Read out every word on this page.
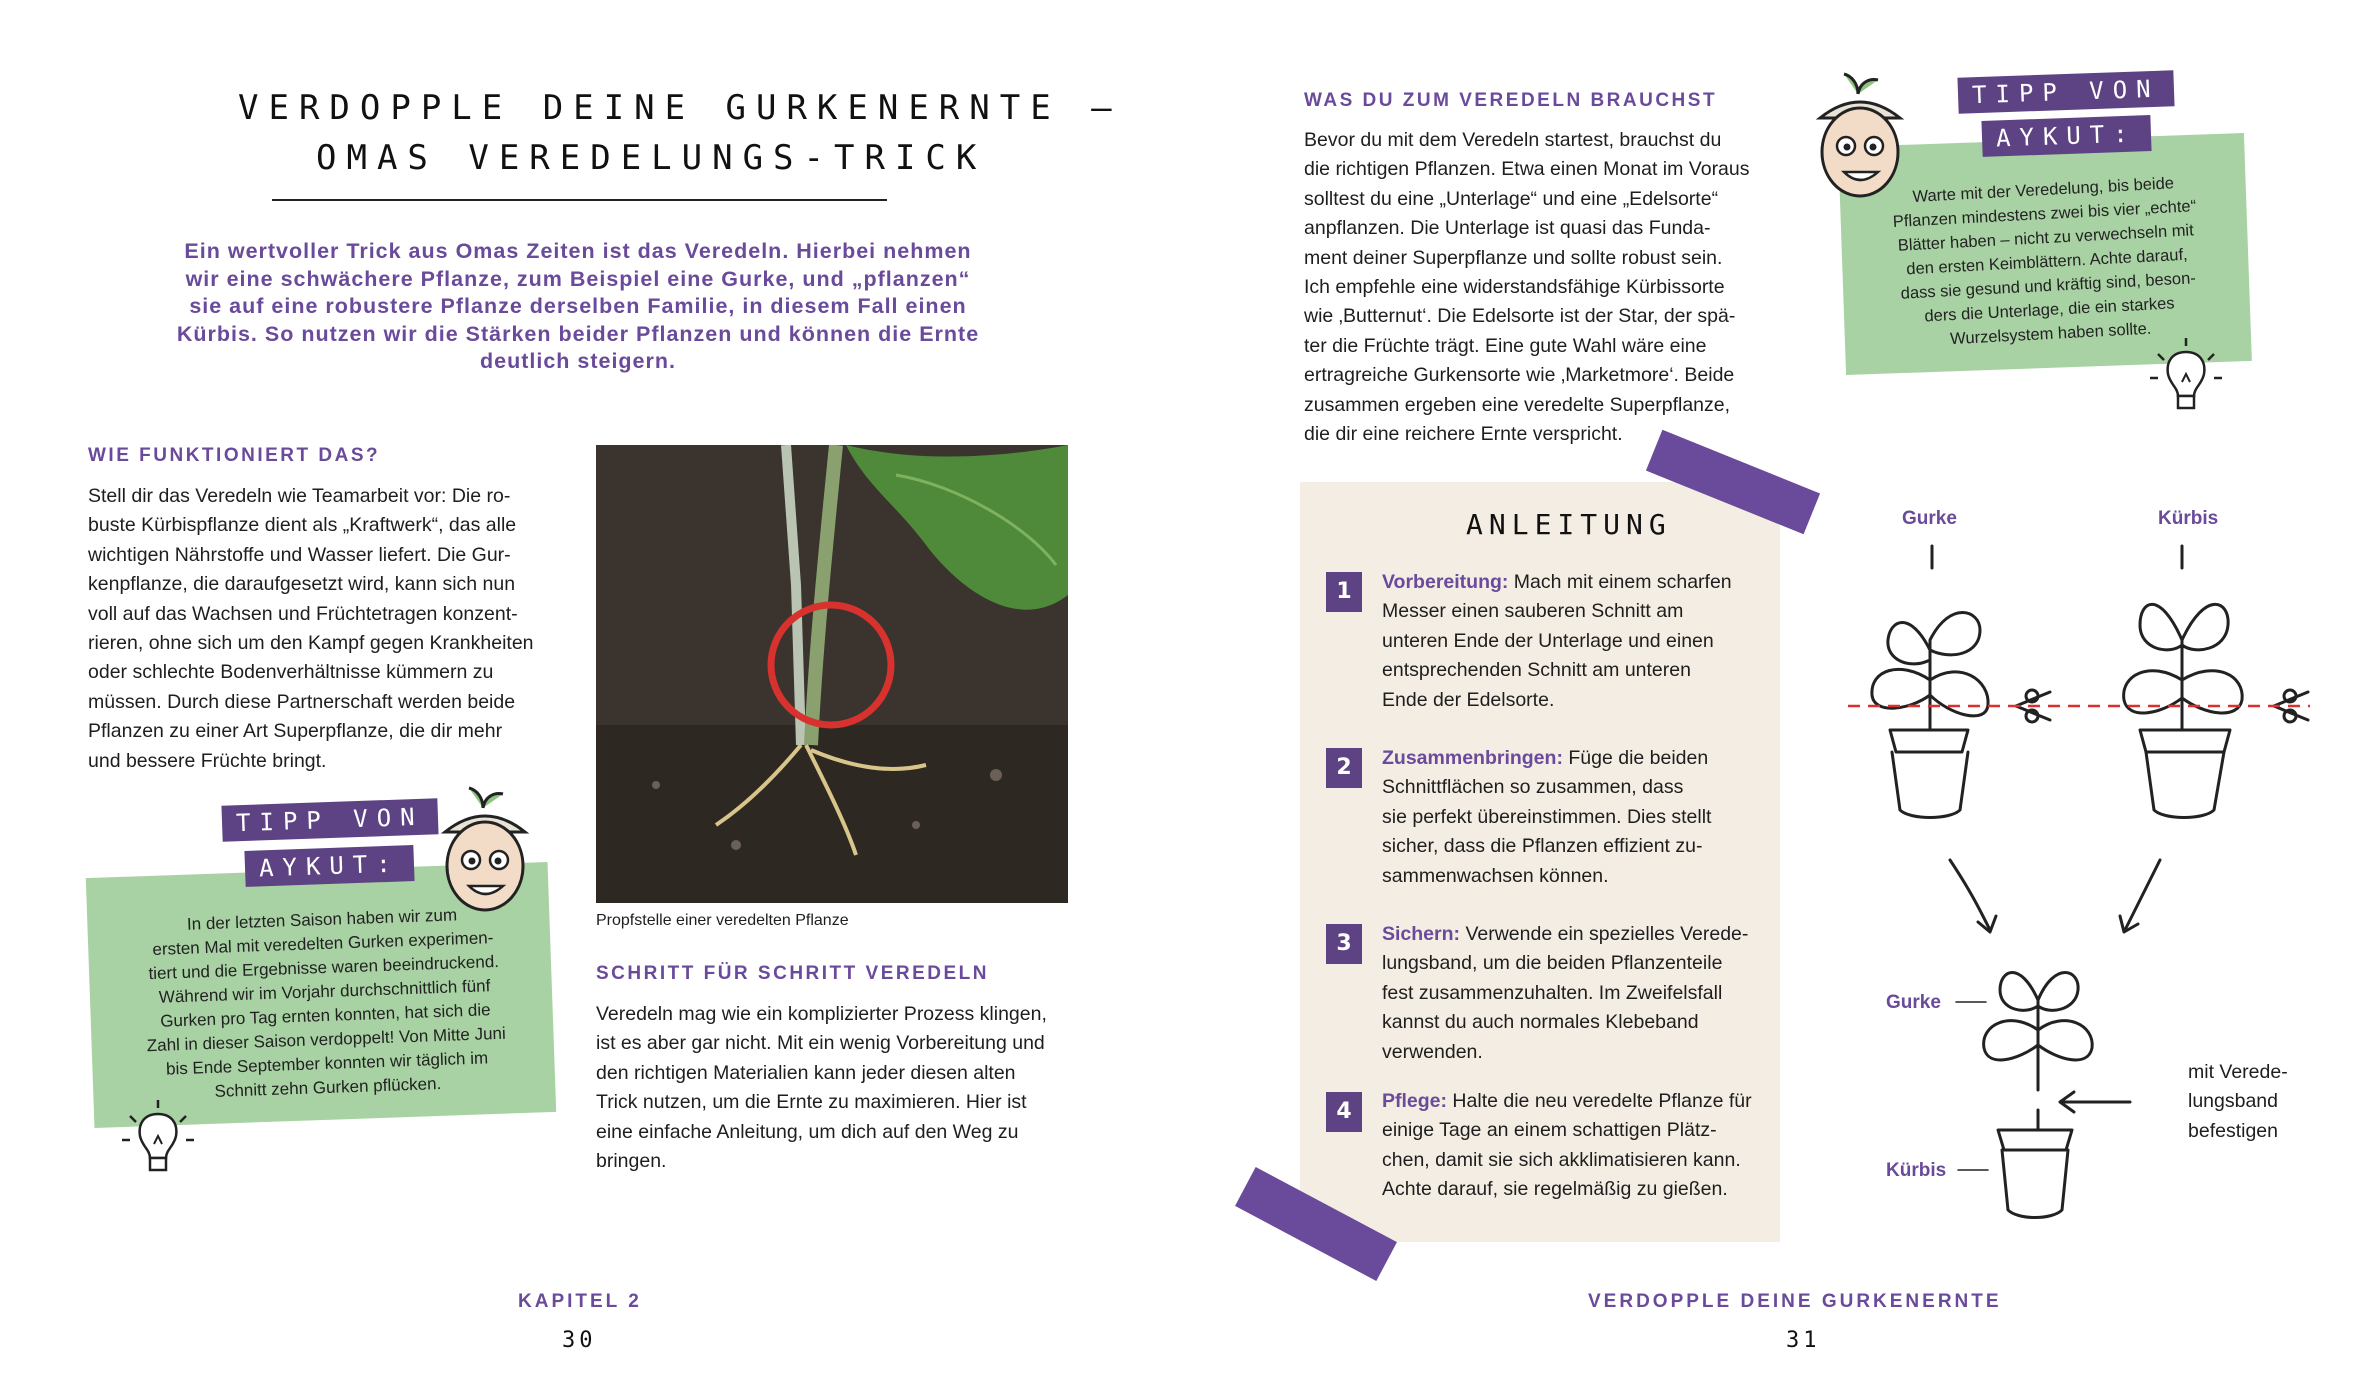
VERDOPPLE DEINE GURKENERNTE –
OMAS VEREDELUNGS-TRICK
Ein wertvoller Trick aus Omas Zeiten ist das Veredeln. Hierbei nehmen wir eine schwächere Pflanze, zum Beispiel eine Gurke, und „pflanzen“ sie auf eine robustere Pflanze derselben Familie, in diesem Fall einen Kürbis. So nutzen wir die Stärken beider Pflanzen und können die Ernte deutlich steigern.
WIE FUNKTIONIERT DAS?

Stell dir das Veredeln wie Teamarbeit vor: Die ro-

buste Kürbispflanze dient als „Kraftwerk“, das alle

wichtigen Nährstoffe und Wasser liefert. Die Gur-

kenpflanze, die daraufgesetzt wird, kann sich nun

voll auf das Wachsen und Früchtetragen konzent-

rieren, ohne sich um den Kampf gegen Krankheiten

oder schlechte Bodenverhältnisse kümmern zu

müssen. Durch diese Partnerschaft werden beide

Pflanzen zu einer Art Superpflanze, die dir mehr

und bessere Früchte bringt.

TIPP VON
AYKUT:
In der letzten Saison haben wir zum
ersten Mal mit veredelten Gurken experimen-
tiert und die Ergebnisse waren beeindruckend.
Während wir im Vorjahr durchschnittlich fünf
Gurken pro Tag ernten konnten, hat sich die
Zahl in dieser Saison verdoppelt! Von Mitte Juni
bis Ende September konnten wir täglich im
Schnitt zehn Gurken pflücken.
Propfstelle einer veredelten Pflanze
SCHRITT FÜR SCHRITT VEREDELN

Veredeln mag wie ein komplizierter Prozess klingen,

ist es aber gar nicht. Mit ein wenig Vorbereitung und

den richtigen Materialien kann jeder diesen alten

Trick nutzen, um die Ernte zu maximieren. Hier ist

eine einfache Anleitung, um dich auf den Weg zu

bringen.

KAPITEL 2
30
WAS DU ZUM VEREDELN BRAUCHST

Bevor du mit dem Veredeln startest, brauchst du

die richtigen Pflanzen. Etwa einen Monat im Voraus

solltest du eine „Unterlage“ und eine „Edelsorte“

anpflanzen. Die Unterlage ist quasi das Funda-

ment deiner Superpflanze und sollte robust sein.

Ich empfehle eine widerstandsfähige Kürbissorte

wie ‚Butternut‘. Die Edelsorte ist der Star, der spä-

ter die Früchte trägt. Eine gute Wahl wäre eine

ertragreiche Gurkensorte wie ‚Marketmore‘. Beide

zusammen ergeben eine veredelte Superpflanze,

die dir eine reichere Ernte verspricht.

TIPP VON
AYKUT:
Warte mit der Veredelung, bis beide
Pflanzen mindestens zwei bis vier „echte“
Blätter haben – nicht zu verwechseln mit
den ersten Keimblättern. Achte darauf,
dass sie gesund und kräftig sind, beson-
ders die Unterlage, die ein starkes
Wurzelsystem haben sollte.
ANLEITUNG
1	Vorbereitung: Mach mit einem scharfen
Messer einen sauberen Schnitt am
unteren Ende der Unterlage und einen
entsprechenden Schnitt am unteren
Ende der Edelsorte.
2	Zusammenbringen: Füge die beiden
Schnittflächen so zusammen, dass
sie perfekt übereinstimmen. Dies stellt
sicher, dass die Pflanzen effizient zu-
sammenwachsen können.
3	Sichern: Verwende ein spezielles Verede-
lungsband, um die beiden Pflanzenteile
fest zusammenzuhalten. Im Zweifelsfall
kannst du auch normales Klebeband
verwenden.
4	Pflege: Halte die neu veredelte Pflanze für
einige Tage an einem schattigen Plätz-
chen, damit sie sich akklimatisieren kann.
Achte darauf, sie regelmäßig zu gießen.
Gurke	Kürbis
Gurke
Kürbis
mit Verede-
lungsband
befestigen
VERDOPPLE DEINE GURKENERNTE
31
